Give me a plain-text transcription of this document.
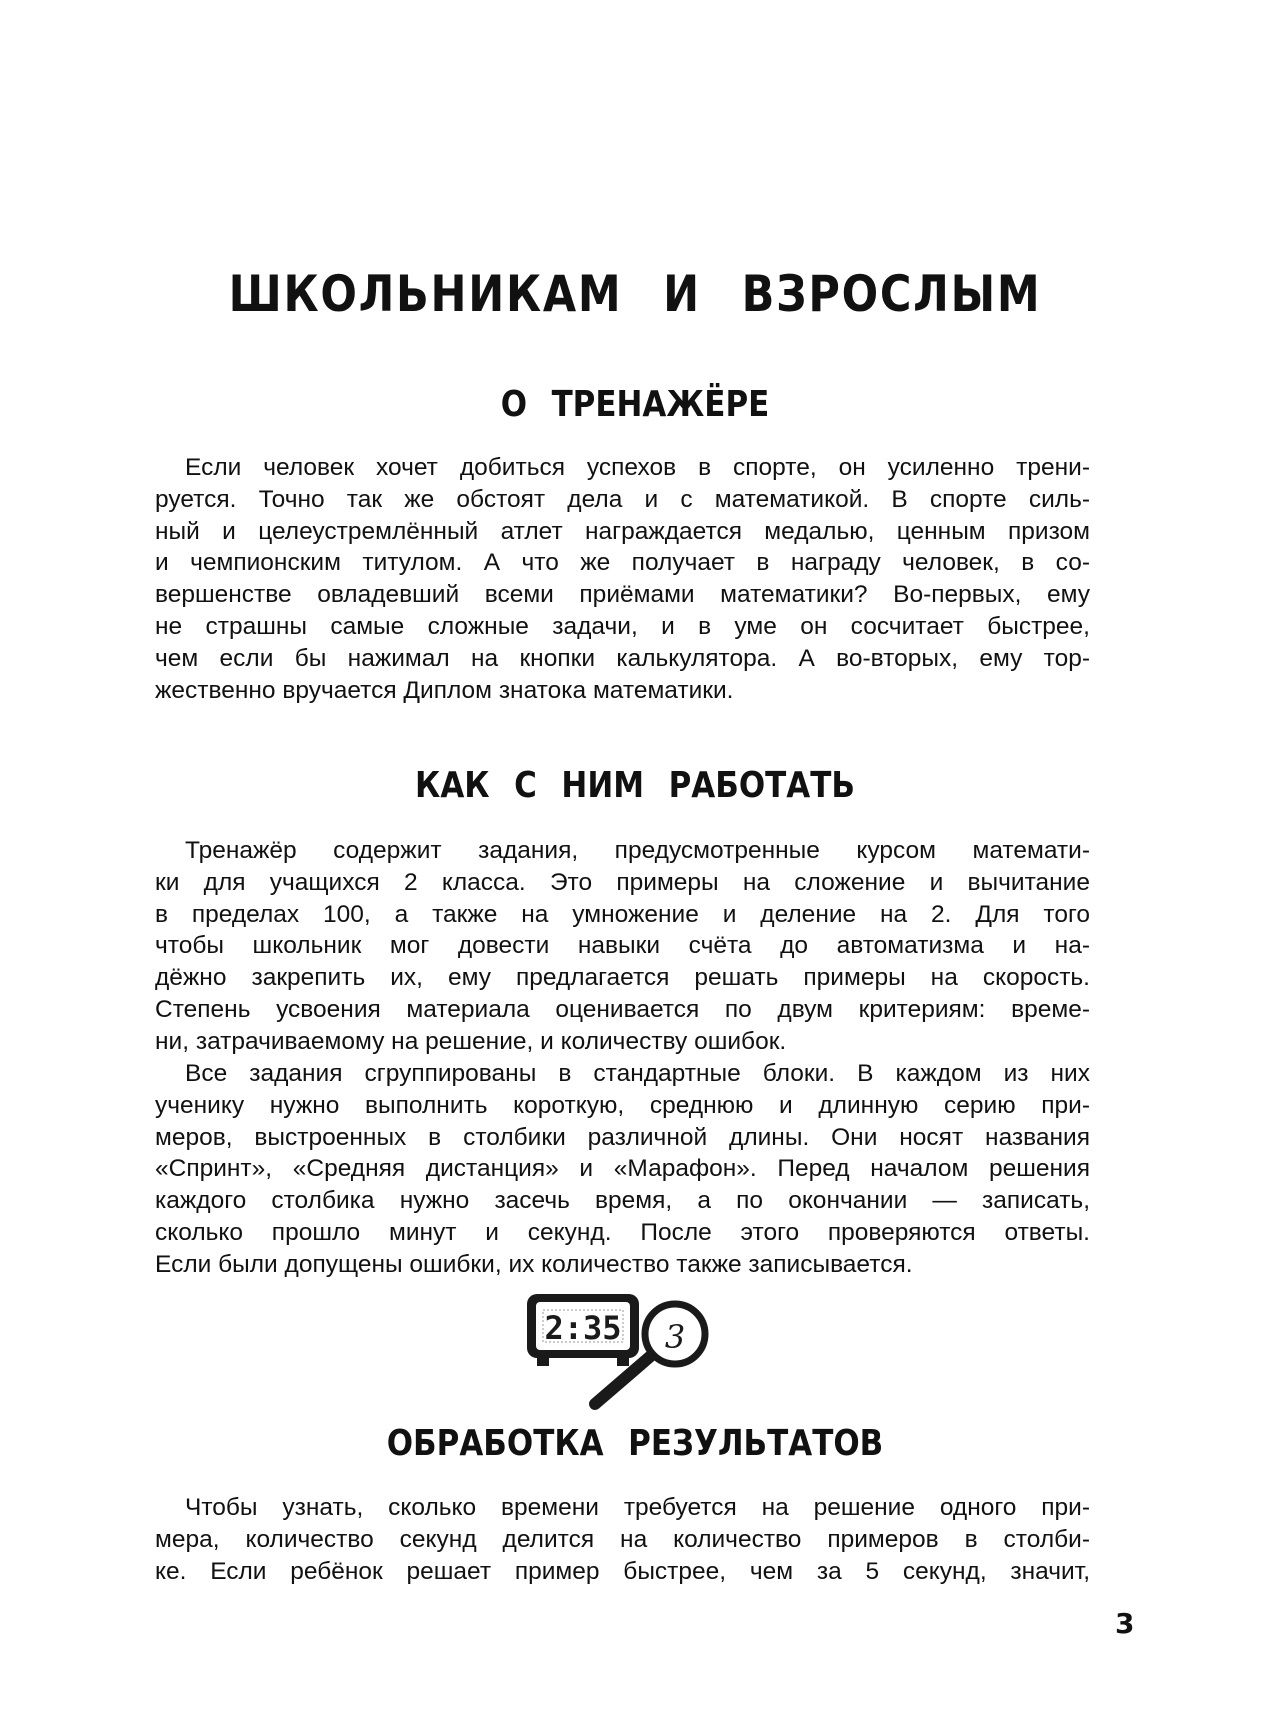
ШКОЛЬНИКАМ И ВЗРОСЛЫМ
О ТРЕНАЖЁРЕ
Если человек хочет добиться успехов в спорте, он усиленно трени-
руется. Точно так же обстоят дела и с математикой. В спорте силь-
ный и целеустремлённый атлет награждается медалью, ценным призом
и чемпионским титулом. А что же получает в награду человек, в со-
вершенстве овладевший всеми приёмами математики? Во-первых, ему
не страшны самые сложные задачи, и в уме он сосчитает быстрее,
чем если бы нажимал на кнопки калькулятора. А во-вторых, ему тор-
жественно вручается Диплом знатока математики.
КАК С НИМ РАБОТАТЬ
Тренажёр содержит задания, предусмотренные курсом математи-
ки для учащихся 2 класса. Это примеры на сложение и вычитание
в пределах 100, а также на умножение и деление на 2. Для того
чтобы школьник мог довести навыки счёта до автоматизма и на-
дёжно закрепить их, ему предлагается решать примеры на скорость.
Степень усвоения материала оценивается по двум критериям: време-
ни, затрачиваемому на решение, и количеству ошибок.
Все задания сгруппированы в стандартные блоки. В каждом из них
ученику нужно выполнить короткую, среднюю и длинную серию при-
меров, выстроенных в столбики различной длины. Они носят названия
«Спринт», «Средняя дистанция» и «Марафон». Перед началом решения
каждого столбика нужно засечь время, а по окончании — записать,
сколько прошло минут и секунд. После этого проверяются ответы.
Если были допущены ошибки, их количество также записывается.
2:35 3
ОБРАБОТКА РЕЗУЛЬТАТОВ
Чтобы узнать, сколько времени требуется на решение одного при-
мера, количество секунд делится на количество примеров в столби-
ке. Если ребёнок решает пример быстрее, чем за 5 секунд, значит,
3
